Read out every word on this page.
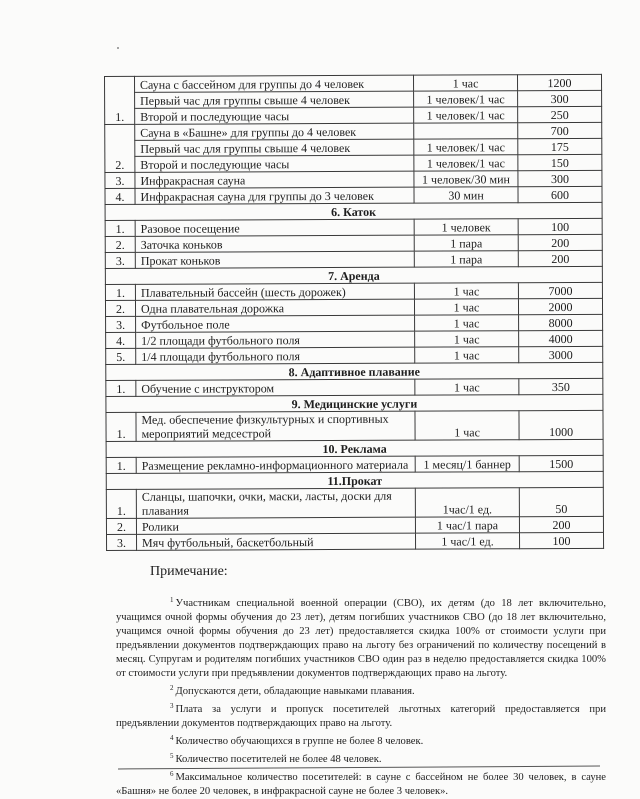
1.	Сауна с бассейном для группы до 4 человек	1 час	1200
	Первый час для группы свыше 4 человек	1 человек/1 час	300
	Второй и последующие часы	1 человек/1 час	250
2.	Сауна в «Башне» для группы до 4 человек		700
	Первый час для группы свыше 4 человек	1 человек/1 час	175
	Второй и последующие часы	1 человек/1 час	150
3.	Инфракрасная сауна	1 человек/30 мин	300
4.	Инфракрасная сауна для группы до 3 человек	30 мин	600
6. Каток			
1.	Разовое посещение	1 человек	100
2.	Заточка коньков	1 пара	200
3.	Прокат коньков	1 пара	200
7. Аренда			
1.	Плавательный бассейн (шесть дорожек)	1 час	7000
2.	Одна плавательная дорожка	1 час	2000
3.	Футбольное поле	1 час	8000
4.	1/2 площади футбольного поля	1 час	4000
5.	1/4 площади футбольного поля	1 час	3000
8. Адаптивное плавание			
1.	Обучение с инструктором	1 час	350
9. Медицинские услуги			
1.	Мед. обеспечение физкультурных и спортивных мероприятий медсестрой	1 час	1000
10. Реклама			
1.	Размещение рекламно-информационного материала	1 месяц/1 баннер	1500
11.Прокат			
1.	Сланцы, шапочки, очки, маски, ласты, доски для плавания	1час/1 ед.	50
2.	Ролики	1 час/1 пара	200
3.	Мяч футбольный, баскетбольный	1 час/1 ед.	100
Примечание:

$^1$ Участникам специальной военной операции (СВО), их детям (до 18 лет включительно, учащимся очной формы обучения до 23 лет), детям погибших участников СВО (до 18 лет включительно, учащимся очной формы обучения до 23 лет) предоставляется скидка 100% от стоимости услуги при предъявлении документов подтверждающих право на льготу без ограничений по количеству посещений в месяц. Супругам и родителям погибших участников СВО один раз в неделю предоставляется скидка 100% от стоимости услуги при предъявлении документов подтверждающих право на льготу.

$^2$ Допускаются дети, обладающие навыками плавания.

$^3$ Плата за услуги и пропуск посетителей льготных категорий предоставляется при предъявлении документов подтверждающих право на льготу.

$^4$ Количество обучающихся в группе не более 8 человек.

$^5$ Количество посетителей не более 48 человек.

$^6$ Максимальное количество посетителей: в сауне с бассейном не более 30 человек, в сауне «Башня» не более 20 человек, в инфракрасной сауне не более 3 человек».
